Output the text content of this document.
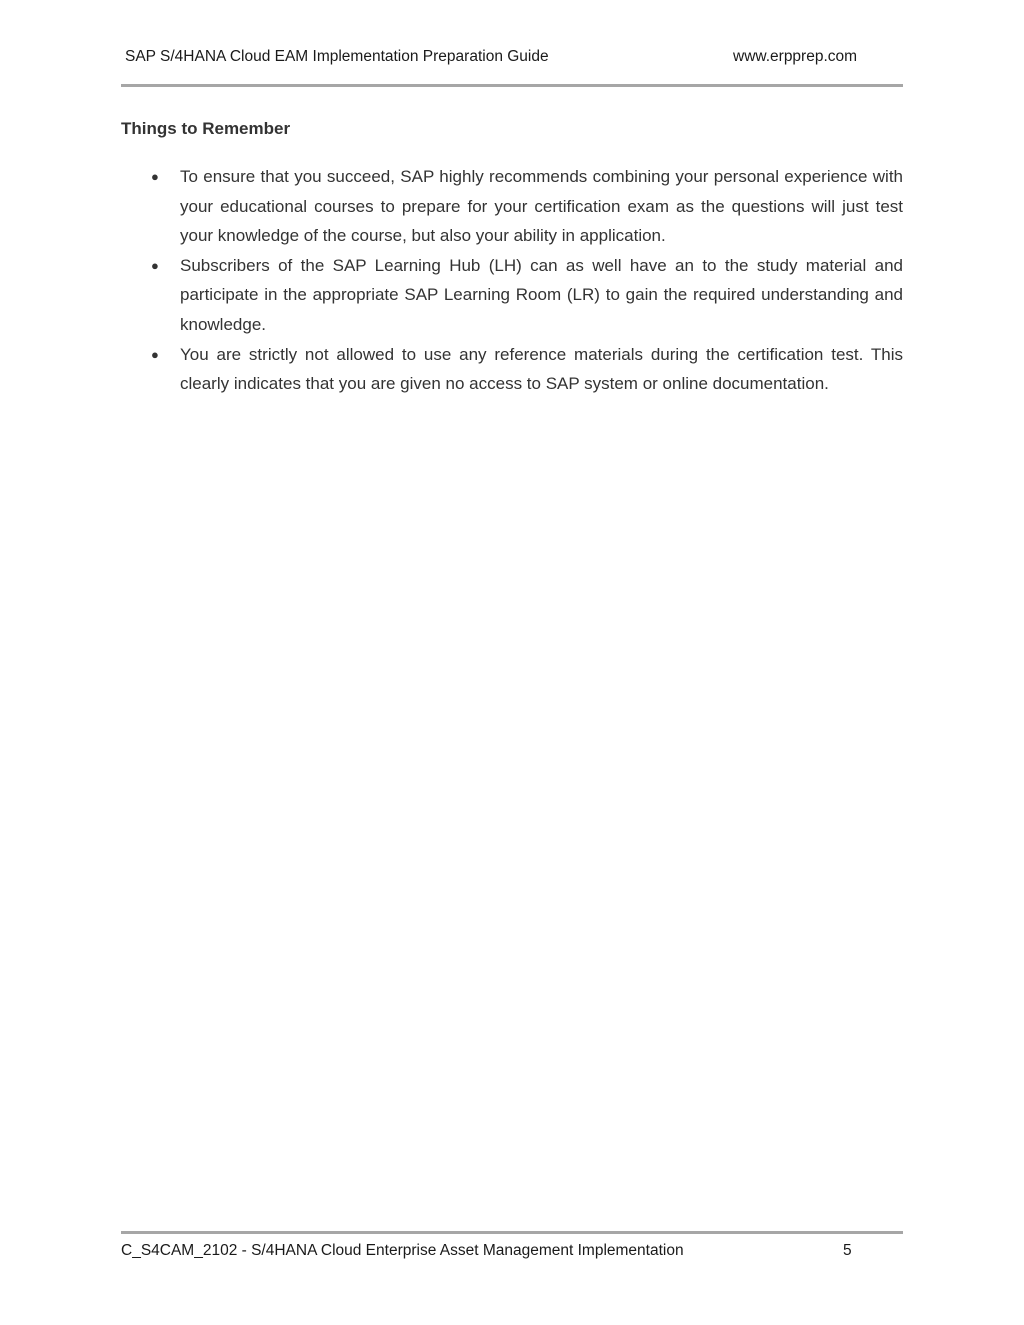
SAP S/4HANA Cloud EAM Implementation Preparation Guide	www.erpprep.com
Things to Remember
● To ensure that you succeed, SAP highly recommends combining your personal experience with your educational courses to prepare for your certification exam as the questions will just test your knowledge of the course, but also your ability in application.
● Subscribers of the SAP Learning Hub (LH) can as well have an to the study material and participate in the appropriate SAP Learning Room (LR) to gain the required understanding and knowledge.
● You are strictly not allowed to use any reference materials during the certification test. This clearly indicates that you are given no access to SAP system or online documentation.
C_S4CAM_2102 - S/4HANA Cloud Enterprise Asset Management Implementation	5
